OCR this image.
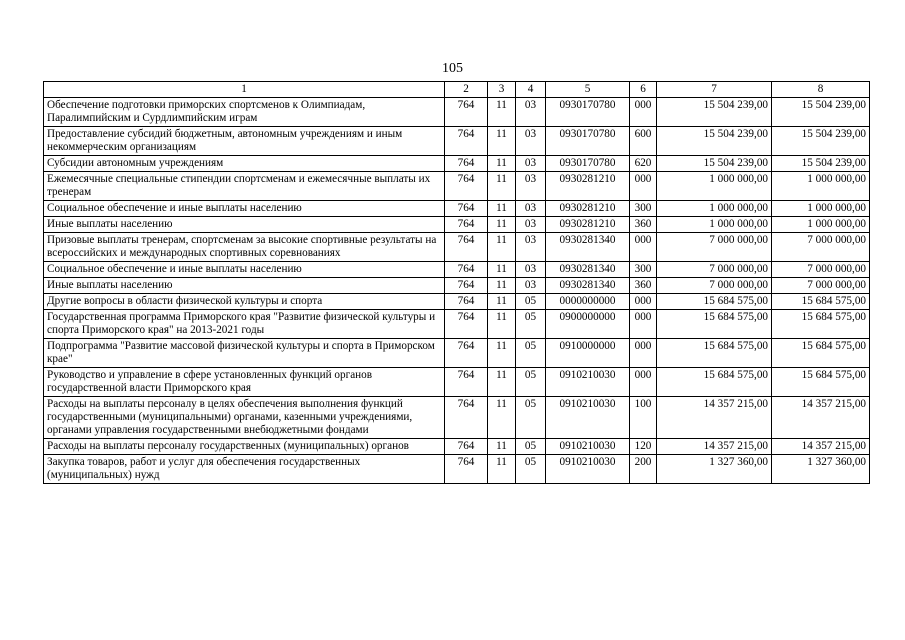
105
1	2	3	4	5	6	7	8
Обеспечение подготовки приморских спортсменов к Олимпиадам, Паралимпийским и Сурдлимпийским играм	764	11	03	0930170780	000	15 504 239,00	15 504 239,00
Предоставление субсидий бюджетным, автономным учреждениям и иным некоммерческим организациям	764	11	03	0930170780	600	15 504 239,00	15 504 239,00
Субсидии автономным учреждениям	764	11	03	0930170780	620	15 504 239,00	15 504 239,00
Ежемесячные специальные стипендии спортсменам и ежемесячные выплаты их тренерам	764	11	03	0930281210	000	1 000 000,00	1 000 000,00
Социальное обеспечение и иные выплаты населению	764	11	03	0930281210	300	1 000 000,00	1 000 000,00
Иные выплаты населению	764	11	03	0930281210	360	1 000 000,00	1 000 000,00
Призовые выплаты тренерам, спортсменам за высокие спортивные результаты на всероссийских и международных спортивных соревнованиях	764	11	03	0930281340	000	7 000 000,00	7 000 000,00
Социальное обеспечение и иные выплаты населению	764	11	03	0930281340	300	7 000 000,00	7 000 000,00
Иные выплаты населению	764	11	03	0930281340	360	7 000 000,00	7 000 000,00
Другие вопросы в области физической культуры и спорта	764	11	05	0000000000	000	15 684 575,00	15 684 575,00
Государственная программа Приморского края "Развитие физической культуры и спорта Приморского края" на 2013-2021 годы	764	11	05	0900000000	000	15 684 575,00	15 684 575,00
Подпрограмма "Развитие массовой физической культуры и спорта в Приморском крае"	764	11	05	0910000000	000	15 684 575,00	15 684 575,00
Руководство и управление в сфере установленных функций органов государственной власти Приморского края	764	11	05	0910210030	000	15 684 575,00	15 684 575,00
Расходы на выплаты персоналу в целях обеспечения выполнения функций государственными (муниципальными) органами, казенными учреждениями, органами управления государственными внебюджетными фондами	764	11	05	0910210030	100	14 357 215,00	14 357 215,00
Расходы на выплаты персоналу государственных (муниципальных) органов	764	11	05	0910210030	120	14 357 215,00	14 357 215,00
Закупка товаров, работ и услуг для обеспечения государственных (муниципальных) нужд	764	11	05	0910210030	200	1 327 360,00	1 327 360,00
